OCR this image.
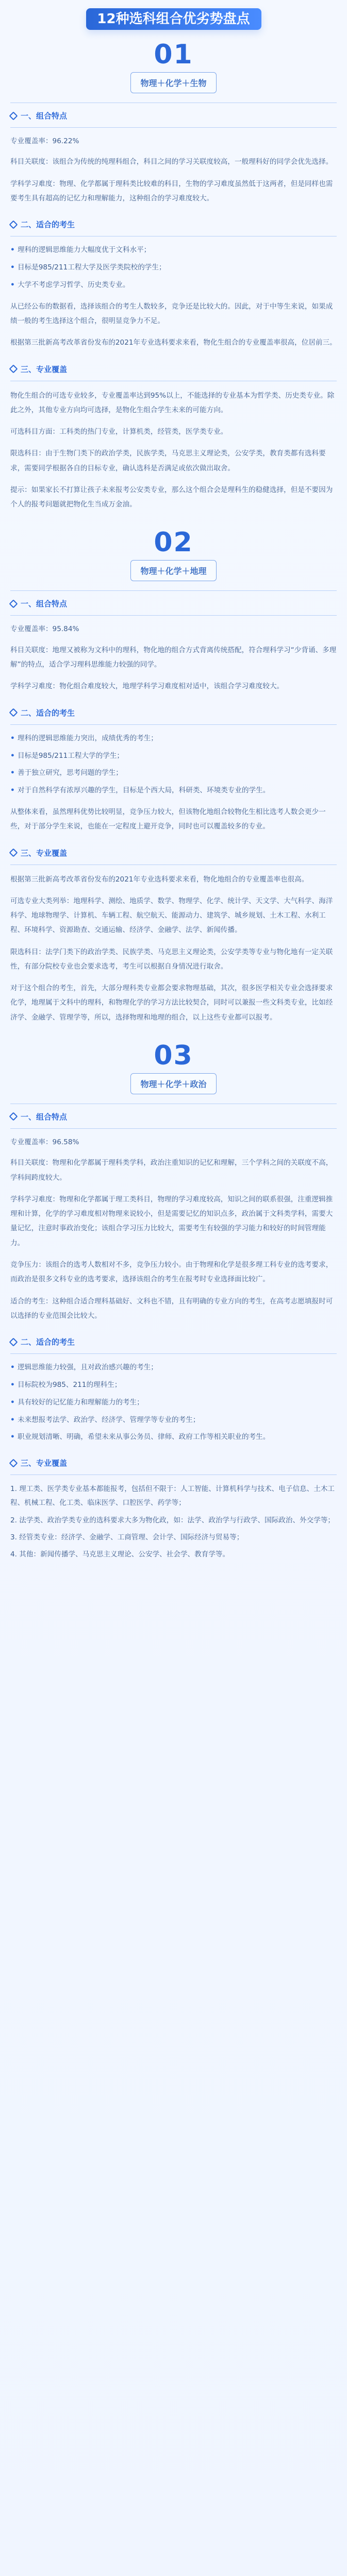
12种选科组合优劣势盘点
01
物理＋化学＋生物
一、组合特点
专业覆盖率：96.22%

科目关联度：该组合为传统的纯理科组合，科目之间的学习关联度较高，一般理科好的同学会优先选择。

学科学习难度：物理、化学都属于理科类比较难的科目，生物的学习难度虽然低于这两者，但是同样也需要考生具有超高的记忆力和理解能力，这种组合的学习难度较大。

二、适合的考生
• 理科的逻辑思维能力大幅度优于文科水平；
• 目标是985/211工程大学及医学类院校的学生；
• 大学不考虑学习哲学、历史类专业。

从已经公布的数据看，选择该组合的考生人数较多，竞争还是比较大的。因此，对于中等生来说，如果成绩一般的考生选择这个组合，很明显竞争力不足。

根据第三批新高考改革省份发布的2021年专业选科要求来看，物化生组合的专业覆盖率很高，位居前三。

三、专业覆盖

物化生组合的可选专业较多，专业覆盖率达到95%以上，不能选择的专业基本为哲学类、历史类专业。除此之外，其他专业方向均可选择，是物化生组合学生未来的可能方向。

可选科目方面：工科类的热门专业，计算机类，经管类，医学类专业。

限选科目：由于生物门类下的政治学类，民族学类，马克思主义理论类，公安学类，教育类都有选科要求，需要同学根据各自的目标专业，确认选科是否满足或依次做出取舍。

提示：如果家长不打算让孩子未来报考公安类专业，那么这个组合会是理科生的稳健选择，但是不要因为个人的报考问题就把物化生当成万金油。

02
物理＋化学＋地理
一、组合特点
专业覆盖率：95.84%

科目关联度：地理又被称为文科中的理科，物化地的组合方式背离传统搭配，符合理科学习“少背诵、多理解”的特点，适合学习理科思维能力较强的同学。

学科学习难度：物化组合难度较大，地理学科学习难度相对适中，该组合学习难度较大。

二、适合的考生
• 理科的逻辑思维能力突出，成绩优秀的考生；
• 目标是985/211工程大学的学生；
• 善于独立研究，思考问题的学生；
• 对于自然科学有浓厚兴趣的学生，目标是个西大局，科研类、环境类专业的学生。

从整体来看，虽然理科优势比较明显，竞争压力较大，但该物化地组合较物化生相比选考人数会更少一些，对于部分学生来说，也能在一定程度上避开竞争，同时也可以覆盖较多的专业。

三、专业覆盖

根据第三批新高考改革省份发布的2021年专业选科要求来看，物化地组合的专业覆盖率也很高。

可选专业大类列举：地理科学、测绘、地质学、数学、物理学、化学、统计学、天文学、大气科学、海洋科学、地球物理学、计算机、车辆工程、航空航天、能源动力、建筑学、城乡规划、土木工程、水利工程、环境科学、资源勘查、交通运输、经济学、金融学、法学、新闻传播。

限选科目：法学门类下的政治学类、民族学类、马克思主义理论类，公安学类等专业与物化地有一定关联性，有部分院校专业也会要求选考，考生可以根据自身情况进行取舍。

对于这个组合的考生，首先，大部分理科类专业都会要求物理基础，其次，很多医学相关专业会选择要求化学，地理属于文科中的理科，和物理化学的学习方法比较契合，同时可以兼报一些文科类专业，比如经济学、金融学、管理学等，所以，选择物理和地理的组合，以上这些专业都可以报考。

03
物理＋化学＋政治
一、组合特点
专业覆盖率：96.58%

科目关联度：物理和化学都属于理科类学科，政治注重知识的记忆和理解，三个学科之间的关联度不高，学科间跨度较大。

学科学习难度：物理和化学都属于理工类科目，物理的学习难度较高，知识之间的联系很强，注重逻辑推理和计算，化学的学习难度相对物理来说较小，但是需要记忆的知识点多，政治属于文科类学科，需要大量记忆，注意时事政治变化；该组合学习压力比较大，需要考生有较强的学习能力和较好的时间管理能力。

竞争压力：该组合的选考人数相对不多，竞争压力较小。由于物理和化学是很多理工科专业的选考要求，而政治是很多文科专业的选考要求，选择该组合的考生在报考时专业选择面比较广。

适合的考生：这种组合适合理科基础好、文科也不错，且有明确的专业方向的考生，在高考志愿填报时可以选择的专业范围会比较大。

二、适合的考生
• 逻辑思维能力较强，且对政治感兴趣的考生；
• 目标院校为985、211的理科生；
• 具有较好的记忆能力和理解能力的考生；
• 未来想报考法学、政治学、经济学、管理学等专业的考生；
• 职业规划清晰、明确，希望未来从事公务员、律师、政府工作等相关职业的考生。
三、专业覆盖
1. 理工类、医学类专业基本都能报考，包括但不限于：人工智能、计算机科学与技术、电子信息、土木工程、机械工程、化工类、临床医学、口腔医学、药学等；
2. 法学类、政治学类专业的选科要求大多为物化政，如：法学、政治学与行政学、国际政治、外交学等；
3. 经管类专业：经济学、金融学、工商管理、会计学、国际经济与贸易等；
4. 其他：新闻传播学、马克思主义理论、公安学、社会学、教育学等。
